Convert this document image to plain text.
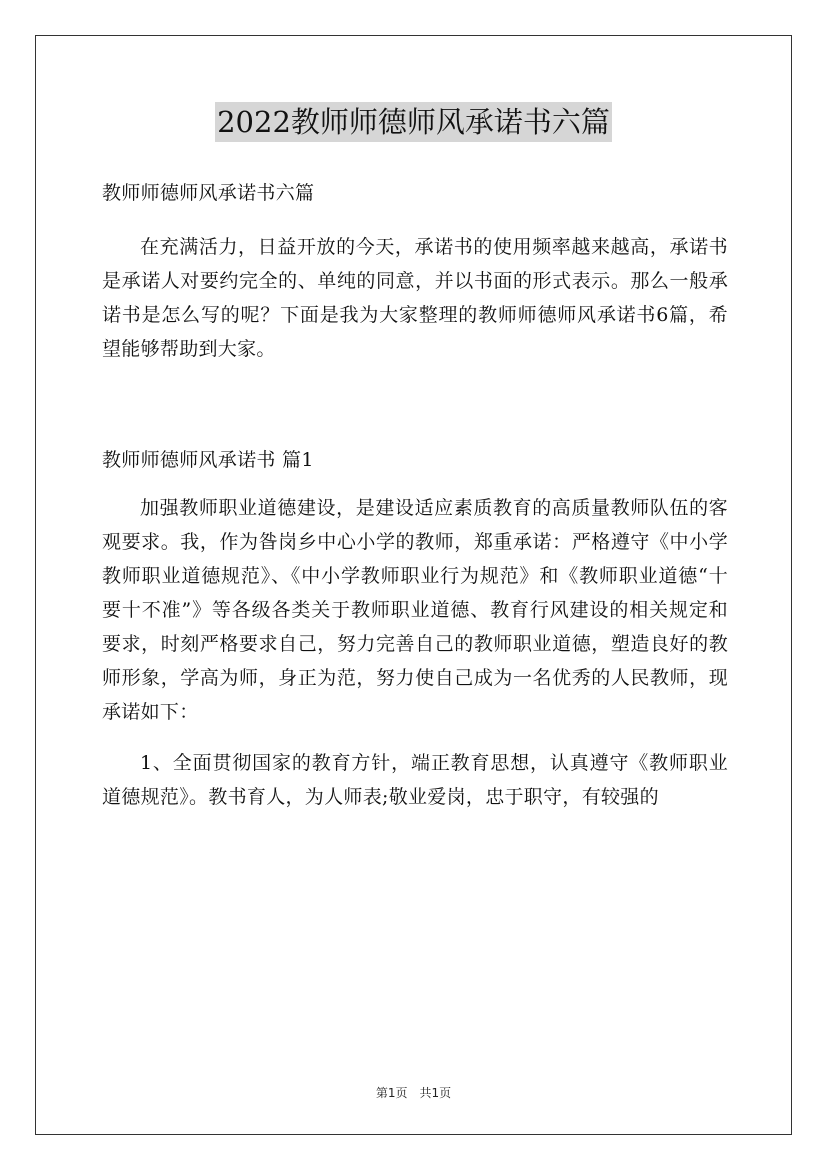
2022教师师德师风承诺书六篇

教师师德师风承诺书六篇

在充满活力，日益开放的今天，承诺书的使用频率越来越高，承诺书是承诺人对要约完全的、单纯的同意，并以书面的形式表示。那么一般承诺书是怎么写的呢？下面是我为大家整理的教师师德师风承诺书6篇，希望能够帮助到大家。

教师师德师风承诺书 篇1

加强教师职业道德建设，是建设适应素质教育的高质量教师队伍的客观要求。我，作为昝岗乡中心小学的教师，郑重承诺：严格遵守《中小学教师职业道德规范》、《中小学教师职业行为规范》和《教师职业道德“十要十不准”》等各级各类关于教师职业道德、教育行风建设的相关规定和要求，时刻严格要求自己，努力完善自己的教师职业道德，塑造良好的教师形象，学高为师，身正为范，努力使自己成为一名优秀的人民教师，现承诺如下：

1、全面贯彻国家的教育方针，端正教育思想，认真遵守《教师职业道德规范》。教书育人，为人师表;敬业爱岗，忠于职守，有较强的

第1页　共1页
